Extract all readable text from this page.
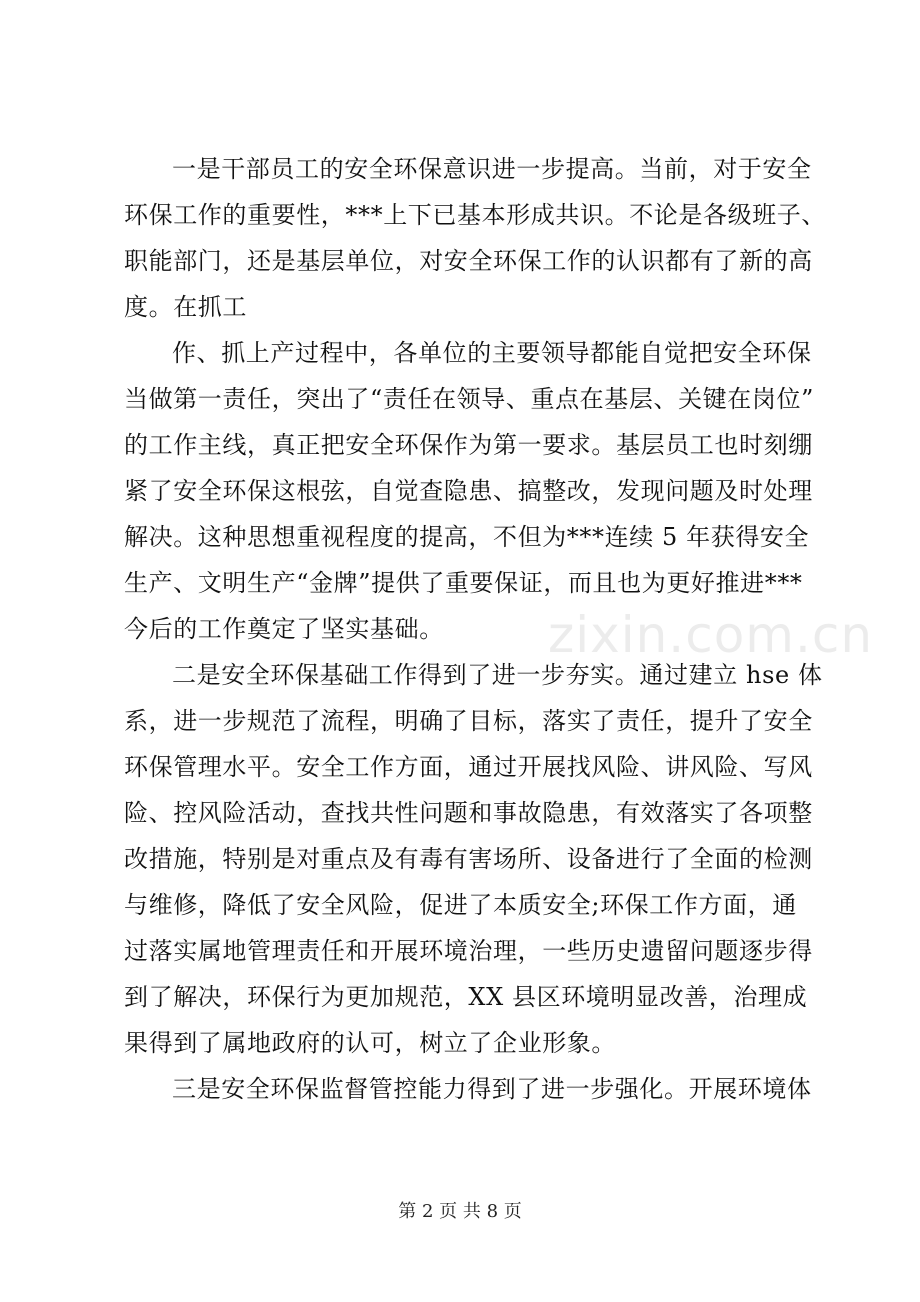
一是干部员工的安全环保意识进一步提高。当前，对于安全
环保工作的重要性，***上下已基本形成共识。不论是各级班子、
职能部门，还是基层单位，对安全环保工作的认识都有了新的高
度。在抓工
作、抓上产过程中，各单位的主要领导都能自觉把安全环保
当做第一责任，突出了“责任在领导、重点在基层、关键在岗位”
的工作主线，真正把安全环保作为第一要求。基层员工也时刻绷
紧了安全环保这根弦，自觉查隐患、搞整改，发现问题及时处理
解决。这种思想重视程度的提高，不但为***连续 5 年获得安全
生产、文明生产“金牌”提供了重要保证，而且也为更好推进***
今后的工作奠定了坚实基础。
二是安全环保基础工作得到了进一步夯实。通过建立 hse 体
系，进一步规范了流程，明确了目标，落实了责任，提升了安全
环保管理水平。安全工作方面，通过开展找风险、讲风险、写风
险、控风险活动，查找共性问题和事故隐患，有效落实了各项整
改措施，特别是对重点及有毒有害场所、设备进行了全面的检测
与维修，降低了安全风险，促进了本质安全;环保工作方面，通
过落实属地管理责任和开展环境治理，一些历史遗留问题逐步得
到了解决，环保行为更加规范，XX 县区环境明显改善，治理成
果得到了属地政府的认可，树立了企业形象。
三是安全环保监督管控能力得到了进一步强化。开展环境体
zixin.com.cn
第 2 页 共 8 页
